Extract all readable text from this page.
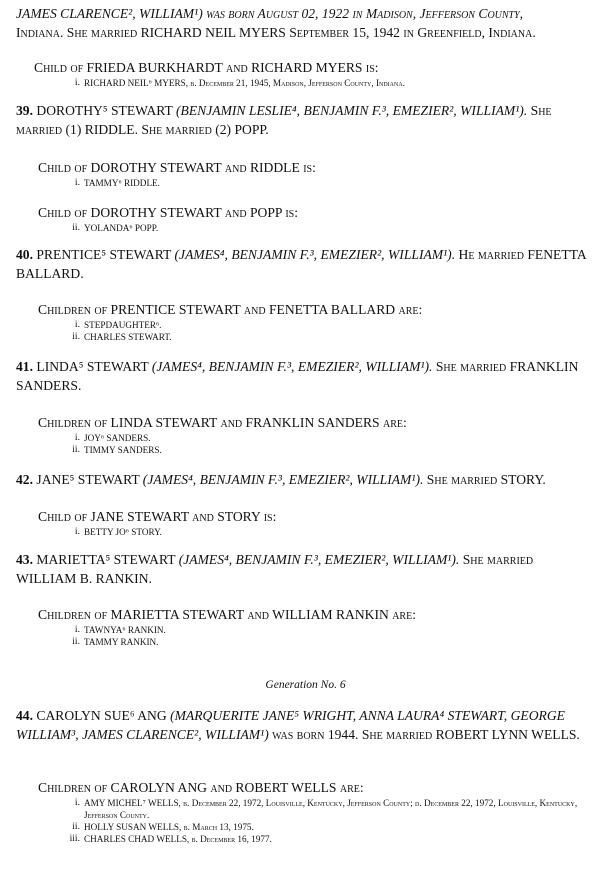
JAMES CLARENCE², WILLIAM¹) was born August 02, 1922 in Madison, Jefferson County,
Indiana. She married RICHARD NEIL MYERS September 15, 1942 in Greenfield, Indiana.

Child of FRIEDA BURKHARDT and RICHARD MYERS is:

i. RICHARD NEIL⁶ MYERS, b. December 21, 1945, Madison, Jefferson County, Indiana.

39. DOROTHY⁵ STEWART (BENJAMIN LESLIE⁴, BENJAMIN F.³, EMEZIER², WILLIAM¹). She married (1) RIDDLE. She married (2) POPP.

Child of DOROTHY STEWART and RIDDLE is:

i. TAMMY⁶ RIDDLE.

Child of DOROTHY STEWART and POPP is:

ii. YOLANDA⁶ POPP.

40. PRENTICE⁵ STEWART (JAMES⁴, BENJAMIN F.³, EMEZIER², WILLIAM¹). He married FENETTA BALLARD.

Children of PRENTICE STEWART and FENETTA BALLARD are:

i. STEPDAUGHTER⁶.
ii. CHARLES STEWART.

41. LINDA⁵ STEWART (JAMES⁴, BENJAMIN F.³, EMEZIER², WILLIAM¹). She married FRANKLIN SANDERS.

Children of LINDA STEWART and FRANKLIN SANDERS are:

i. JOY⁶ SANDERS.
ii. TIMMY SANDERS.

42. JANE⁵ STEWART (JAMES⁴, BENJAMIN F.³, EMEZIER², WILLIAM¹). She married STORY.

Child of JANE STEWART and STORY is:

i. BETTY JO⁶ STORY.

43. MARIETTA⁵ STEWART (JAMES⁴, BENJAMIN F.³, EMEZIER², WILLIAM¹). She married WILLIAM B. RANKIN.

Children of MARIETTA STEWART and WILLIAM RANKIN are:

i. TAWNYA⁶ RANKIN.
ii. TAMMY RANKIN.
Generation No. 6

44. CAROLYN SUE⁶ ANG (MARQUERITE JANE⁵ WRIGHT, ANNA LAURA⁴ STEWART, GEORGE WILLIAM³, JAMES CLARENCE², WILLIAM¹) was born 1944. She married ROBERT LYNN WELLS.

Children of CAROLYN ANG and ROBERT WELLS are:

i. AMY MICHEL⁷ WELLS, b. December 22, 1972, Louisville, Kentucky, Jefferson County; d. December 22, 1972, Louisville, Kentucky, Jefferson County.
ii. HOLLY SUSAN WELLS, b. March 13, 1975.
iii. CHARLES CHAD WELLS, b. December 16, 1977.
